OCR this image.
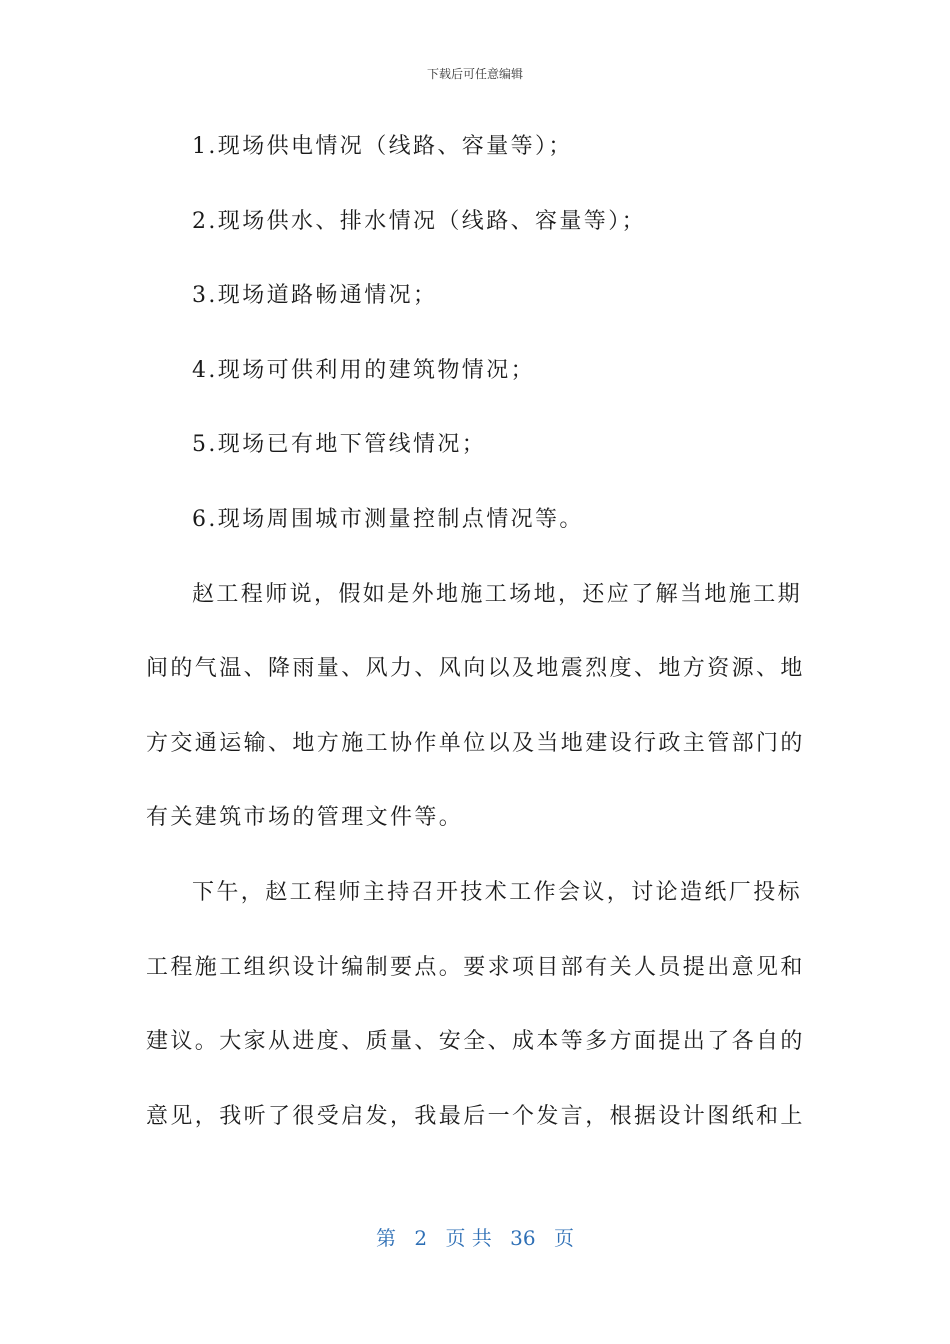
下载后可任意编辑
1.现场供电情况（线路、容量等）；
2.现场供水、排水情况（线路、容量等）；
3.现场道路畅通情况；
4.现场可供利用的建筑物情况；
5.现场已有地下管线情况；
6.现场周围城市测量控制点情况等。
赵工程师说，假如是外地施工场地，还应了解当地施工期
间的气温、降雨量、风力、风向以及地震烈度、地方资源、地
方交通运输、地方施工协作单位以及当地建设行政主管部门的
有关建筑市场的管理文件等。
下午，赵工程师主持召开技术工作会议，讨论造纸厂投标
工程施工组织设计编制要点。要求项目部有关人员提出意见和
建议。大家从进度、质量、安全、成本等多方面提出了各自的
意见，我听了很受启发，我最后一个发言，根据设计图纸和上
第 2 页 共 36 页
